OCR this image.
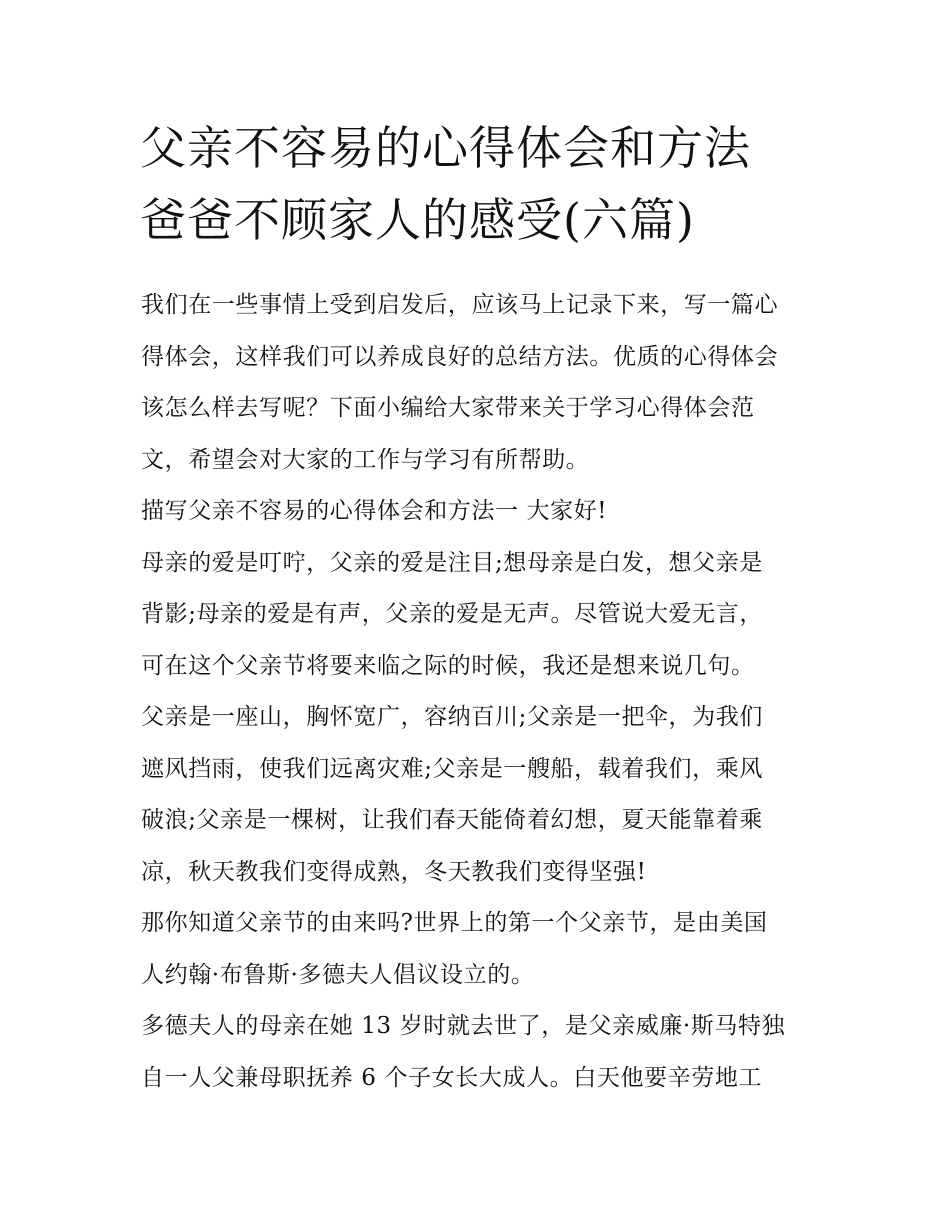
父亲不容易的心得体会和方法
爸爸不顾家人的感受(六篇)
我们在一些事情上受到启发后，应该马上记录下来，写一篇心
得体会，这样我们可以养成良好的总结方法。优质的心得体会
该怎么样去写呢？下面小编给大家带来关于学习心得体会范
文，希望会对大家的工作与学习有所帮助。
描写父亲不容易的心得体会和方法一 大家好!
母亲的爱是叮咛，父亲的爱是注目;想母亲是白发，想父亲是
背影;母亲的爱是有声，父亲的爱是无声。尽管说大爱无言，
可在这个父亲节将要来临之际的时候，我还是想来说几句。
父亲是一座山，胸怀宽广，容纳百川;父亲是一把伞，为我们
遮风挡雨，使我们远离灾难;父亲是一艘船，载着我们，乘风
破浪;父亲是一棵树，让我们春天能倚着幻想，夏天能靠着乘
凉，秋天教我们变得成熟，冬天教我们变得坚强!
那你知道父亲节的由来吗?世界上的第一个父亲节，是由美国
人约翰·布鲁斯·多德夫人倡议设立的。
多德夫人的母亲在她 13 岁时就去世了，是父亲威廉·斯马特独
自一人父兼母职抚养 6 个子女长大成人。白天他要辛劳地工
